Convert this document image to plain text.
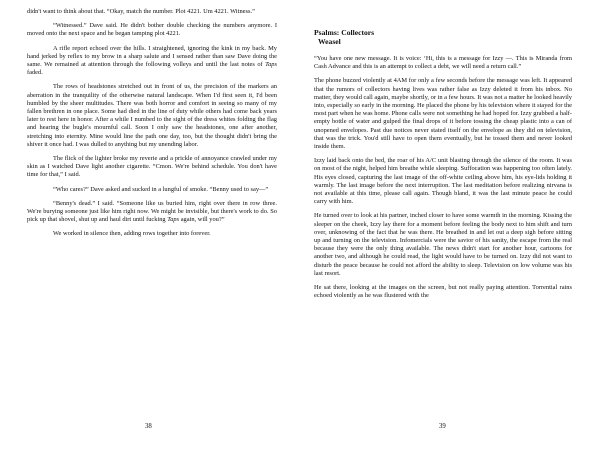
didn't want to think about that. “Okay, match the number. Plot 4221. Um 4221. Witness.”

“Witnessed.” Dave said. He didn't bother double checking the numbers anymore. I moved onto the next space and he began tamping plot 4221.

A rifle report echoed over the hills. I straightened, ignoring the kink in my back. My hand jerked by reflex to my brow in a sharp salute and I sensed rather than saw Dave doing the same. We remained at attention through the following volleys and until the last notes of Taps faded.

The rows of headstones stretched out in front of us, the precision of the markers an aberration in the tranquility of the otherwise natural landscape. When I'd first seen it, I'd been humbled by the sheer multitudes. There was both horror and comfort in seeing so many of my fallen brethren in one place. Some had died in the line of duty while others had come back years later to rest here in honor. After a while I numbed to the sight of the dress whites folding the flag and hearing the bugle's mournful call. Soon I only saw the headstones, one after another, stretching into eternity. Mine would line the path one day, too, but the thought didn't bring the shiver it once had. I was dulled to anything but my unending labor.

The flick of the lighter broke my reverie and a prickle of annoyance crawled under my skin as I watched Dave light another cigarette. “Cmon. We're behind schedule. You don't have time for that,” I said.

“Who cares?” Dave asked and sucked in a lungful of smoke. “Benny used to say—”

“Benny's dead.” I said. “Someone like us buried him, right over there in row three. We're burying someone just like him right now. We might be invisible, but there's work to do. So pick up that shovel, shut up and haul dirt until fucking Taps again, will you?”

We worked in silence then, adding rows together into forever.

38

Psalms: Collectors

Weasel

“You have one new message. It is voice: ‘Hi, this is a message for Izzy —. This is Miranda from Cash Advance and this is an attempt to collect a debt, we will need a return call.”

The phone buzzed violently at 4AM for only a few seconds before the message was left. It appeared that the rumors of collectors having lives was rather false as Izzy deleted it from his inbox. No matter, they would call again, maybe shortly, or in a few hours. It was not a matter he looked heavily into, especially so early in the morning. He placed the phone by his television where it stayed for the most part when he was home. Phone calls were not something he had hoped for. Izzy grabbed a half-empty bottle of water and gulped the final drops of it before tossing the cheap plastic into a can of unopened envelopes. Past due notices never stated itself on the envelope as they did on television, that was the trick. You'd still have to open them eventually, but he tossed them and never looked inside them.

Izzy laid back onto the bed, the roar of his A/C unit blasting through the silence of the room. It was on most of the night, helped him breathe while sleeping. Suffocation was happening too often lately. His eyes closed, capturing the last image of the off-white ceiling above him, his eye-lids holding it warmly. The last image before the next interruption. The last meditation before realizing nirvana is not available at this time, please call again. Though bland, it was the last minute peace he could carry with him.

He turned over to look at his partner, inched closer to have some warmth in the morning. Kissing the sleeper on the cheek, Izzy lay there for a moment before feeling the body next to him shift and turn over, unknowing of the fact that he was there. He breathed in and let out a deep sigh before sitting up and turning on the television. Infomercials were the savior of his sanity, the escape from the real because they were the only thing available. The news didn't start for another hour, cartoons for another two, and although he could read, the light would have to be turned on. Izzy did not want to disturb the peace because he could not afford the ability to sleep. Television on low volume was his last resort.

He sat there, looking at the images on the screen, but not really paying attention. Torrential rains echoed violently as he was flustered with the

39
